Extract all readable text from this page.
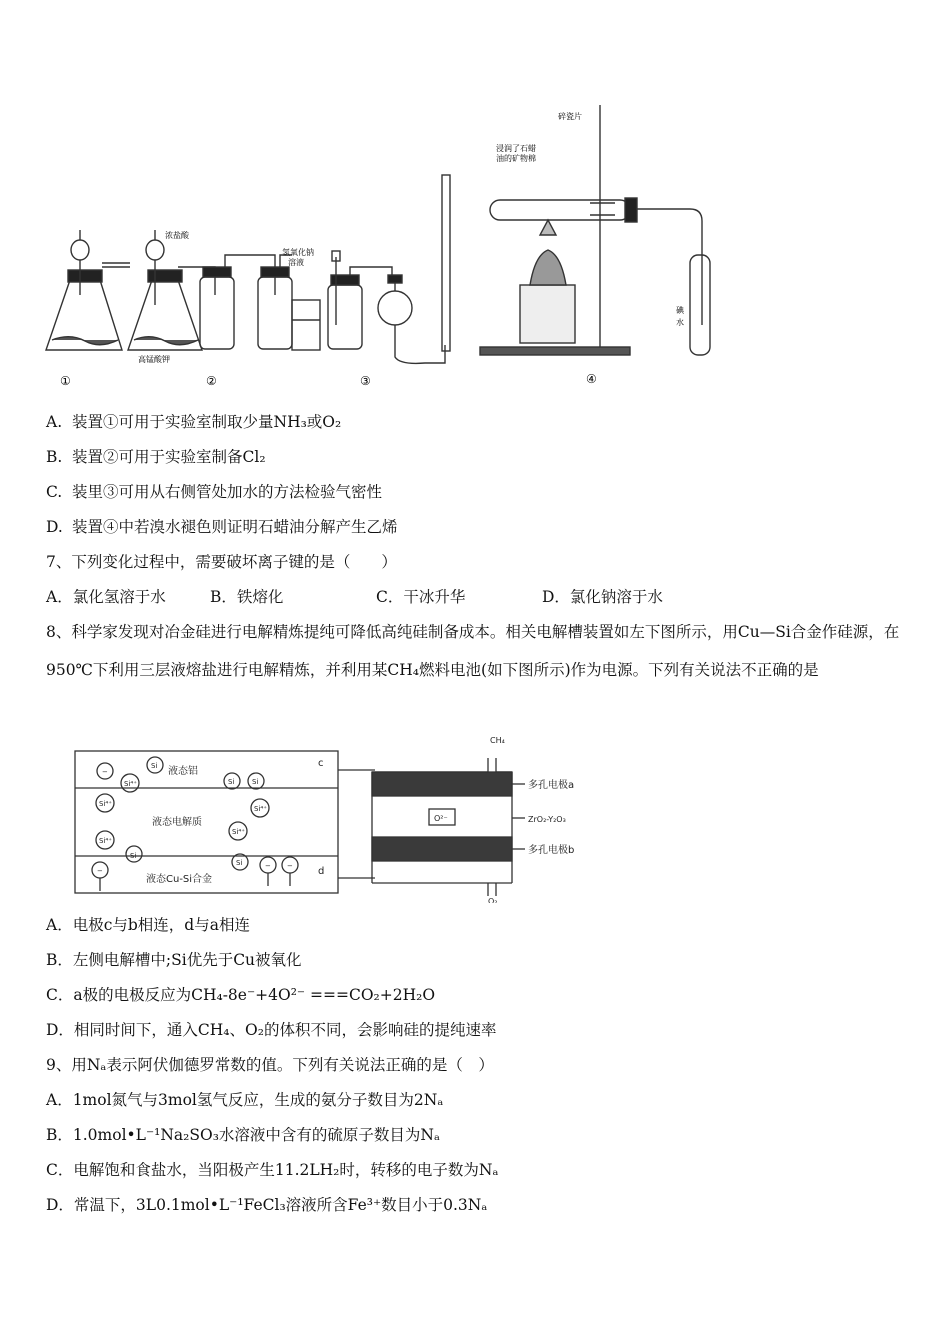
浓盐酸
高锰酸钾
氢氧化钠
溶液
碎瓷片
浸润了石蜡
油的矿物棉
碘
水
①	②	③	④
A. 装置①可用于实验室制取少量NH₃或O₂
B. 装置②可用于实验室制备Cl₂
C. 装里③可用从右侧管处加水的方法检验气密性
D. 装置④中若溴水褪色则证明石蜡油分解产生乙烯
7、下列变化过程中，需要破坏离子键的是（　　）
A．氯化氢溶于水	B．铁熔化	C．干冰升华	D．氯化钠溶于水
8、科学家发现对冶金硅进行电解精炼提纯可降低高纯硅制备成本。相关电解槽装置如左下图所示，用Cu—Si合金作硅源，在950℃下利用三层液熔盐进行电解精炼，并利用某CH₄燃料电池(如下图所示)作为电源。下列有关说法不正确的是
液态铝
液态电解质
液态Cu-Si合金
c
d
CH₄
O₂
O²⁻
多孔电极a
ZrO₂-Y₂O₃
多孔电极b
Si
Si	Si
Si
Si
Si⁴⁺
Si⁴⁺
Si⁴⁺
Si⁴⁺
Si⁴⁺
−
−
− −
A．电极c与b相连，d与a相连
B．左侧电解槽中;Si优先于Cu被氧化
C．a极的电极反应为CH₄-8e⁻+4O²⁻ ===CO₂+2H₂O
D．相同时间下，通入CH₄、O₂的体积不同，会影响硅的提纯速率
9、用Nₐ表示阿伏伽德罗常数的值。下列有关说法正确的是（　）
A．1mol氮气与3mol氢气反应，生成的氨分子数目为2Nₐ
B．1.0mol•L⁻¹Na₂SO₃水溶液中含有的硫原子数目为Nₐ
C．电解饱和食盐水，当阳极产生11.2LH₂时，转移的电子数为Nₐ
D．常温下，3L0.1mol•L⁻¹FeCl₃溶液所含Fe³⁺数目小于0.3Nₐ
